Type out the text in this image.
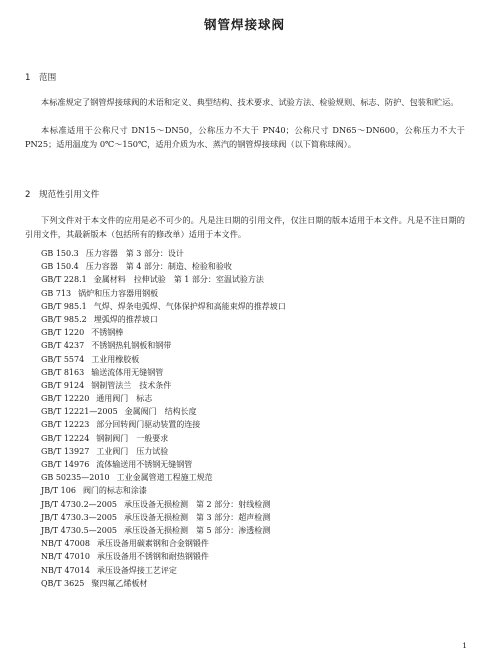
钢管焊接球阀
1 范围

本标准规定了钢管焊接球阀的术语和定义、典型结构、技术要求、试验方法、检验规则、标志、防护、包装和贮运。

本标准适用于公称尺寸 DN15～DN50，公称压力不大于 PN40；公称尺寸 DN65～DN600，公称压力不大于 PN25；适用温度为 0℃～150℃，适用介质为水、蒸汽的钢管焊接球阀（以下简称球阀）。

2 规范性引用文件

下列文件对于本文件的应用是必不可少的。凡是注日期的引用文件，仅注日期的版本适用于本文件。凡是不注日期的引用文件，其最新版本（包括所有的修改单）适用于本文件。

GB 150.3 压力容器　第 3 部分：设计
GB 150.4 压力容器　第 4 部分：制造、检验和验收
GB/T 228.1 金属材料　拉伸试验　第 1 部分：室温试验方法
GB 713 锅炉和压力容器用钢板
GB/T 985.1 气焊、焊条电弧焊、气体保护焊和高能束焊的推荐坡口
GB/T 985.2 埋弧焊的推荐坡口
GB/T 1220 不锈钢棒
GB/T 4237 不锈钢热轧钢板和钢带
GB/T 5574 工业用橡胶板
GB/T 8163 输送流体用无缝钢管
GB/T 9124 钢制管法兰　技术条件
GB/T 12220 通用阀门　标志
GB/T 12221—2005 金属阀门　结构长度
GB/T 12223 部分回转阀门驱动装置的连接
GB/T 12224 钢制阀门　一般要求
GB/T 13927 工业阀门　压力试验
GB/T 14976 流体输送用不锈钢无缝钢管
GB 50235—2010 工业金属管道工程施工规范
JB/T 106 阀门的标志和涂漆
JB/T 4730.2—2005 承压设备无损检测　第 2 部分：射线检测
JB/T 4730.3—2005 承压设备无损检测　第 3 部分：超声检测
JB/T 4730.5—2005 承压设备无损检测　第 5 部分：渗透检测
NB/T 47008 承压设备用碳素钢和合金钢锻件
NB/T 47010 承压设备用不锈钢和耐热钢锻件
NB/T 47014 承压设备焊接工艺评定
QB/T 3625 聚四氟乙烯板材
1
